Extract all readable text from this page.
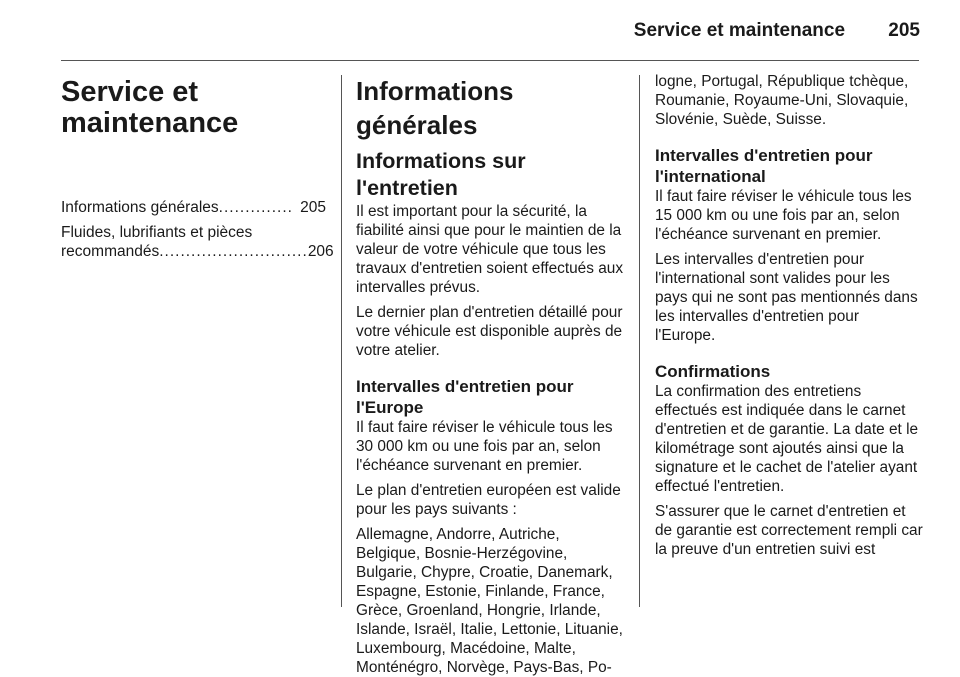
Service et maintenance 205
Service et
maintenance
Informations générales .............. 205
Fluides, lubrifiants et pièces
recommandés ............................ 206
Informations générales
Informations sur l'entretien

Il est important pour la sécurité, la fiabilité ainsi que pour le maintien de la valeur de votre véhicule que tous les travaux d'entretien soient effectués aux intervalles prévus.

Le dernier plan d'entretien détaillé pour votre véhicule est disponible auprès de votre atelier.

Intervalles d'entretien pour l'Europe

Il faut faire réviser le véhicule tous les 30 000 km ou une fois par an, selon l'échéance survenant en premier.

Le plan d'entretien européen est valide pour les pays suivants :

Allemagne, Andorre, Autriche, Belgique, Bosnie-Herzégovine, Bulgarie, Chypre, Croatie, Danemark, Espagne, Estonie, Finlande, France, Grèce, Groenland, Hongrie, Irlande, Islande, Israël, Italie, Lettonie, Lituanie, Luxembourg, Macédoine, Malte, Monténégro, Norvège, Pays-Bas, Po-

logne, Portugal, République tchèque, Roumanie, Royaume-Uni, Slovaquie, Slovénie, Suède, Suisse.

Intervalles d'entretien pour l'international

Il faut faire réviser le véhicule tous les 15 000 km ou une fois par an, selon l'échéance survenant en premier.

Les intervalles d'entretien pour l'international sont valides pour les pays qui ne sont pas mentionnés dans les intervalles d'entretien pour l'Europe.

Confirmations

La confirmation des entretiens effectués est indiquée dans le carnet d'entretien et de garantie. La date et le kilométrage sont ajoutés ainsi que la signature et le cachet de l'atelier ayant effectué l'entretien.

S'assurer que le carnet d'entretien et de garantie est correctement rempli car la preuve d'un entretien suivi est
